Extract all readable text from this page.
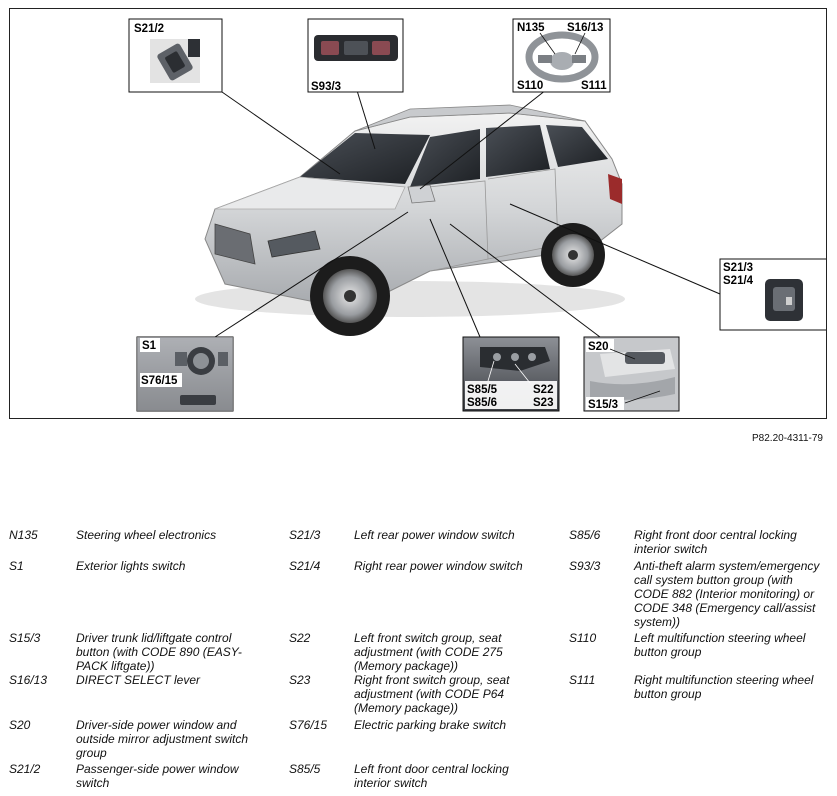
S21/2
S93/3
N135 S16/13
S110	S111
S21/3
S21/4
S1
S76/15
S85/5
S85/6
S22
S23
S20
S15/3
P82.20-4311-79
N135	Steering wheel electronics
S1	Exterior lights switch
S15/3	Driver trunk lid/liftgate control button (with CODE 890 (EASY-PACK liftgate))
S16/13	DIRECT SELECT lever
S20	Driver-side power window and outside mirror adjustment switch group
S21/2	Passenger-side power window switch
S21/3	Left rear power window switch
S21/4	Right rear power window switch
S22	Left front switch group, seat adjustment (with CODE 275 (Memory package))
S23	Right front switch group, seat adjustment (with CODE P64 (Memory package))
S76/15	Electric parking brake switch
S85/5	Left front door central locking interior switch
S85/6	Right front door central locking interior switch
S93/3	Anti-theft alarm system/emergency call system button group (with CODE 882 (Interior monitoring) or CODE 348 (Emergency call/assist system))
S110	Left multifunction steering wheel button group
S111	Right multifunction steering wheel button group
